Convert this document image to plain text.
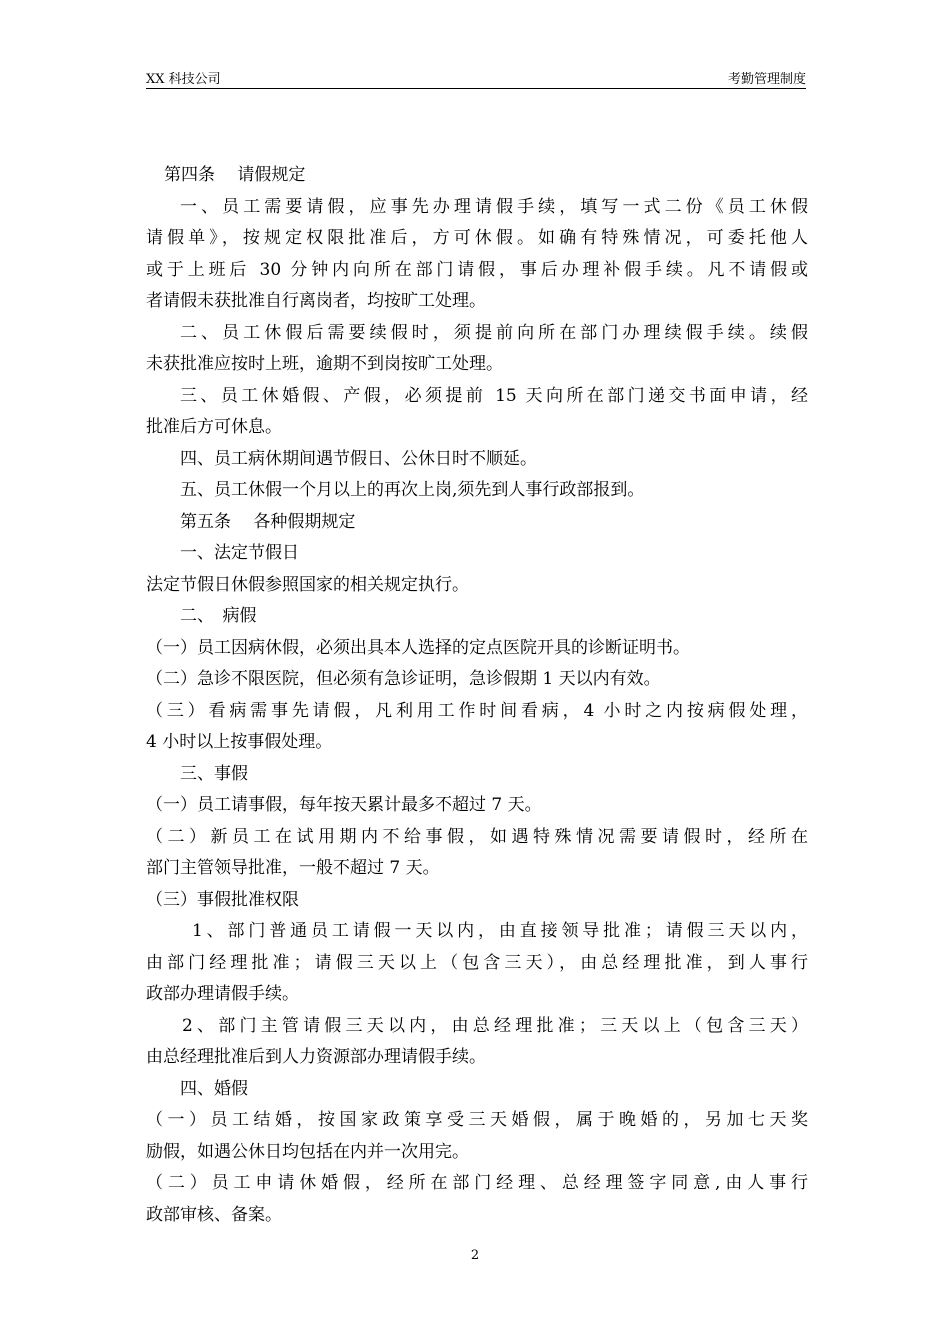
XX 科技公司	考勤管理制度
第四条　 请假规定
一、员工需要请假，应事先办理请假手续，填写一式二份《员工休假
请假单》，按规定权限批准后，方可休假。如确有特殊情况，可委托他人
或于上班后 30 分钟内向所在部门请假，事后办理补假手续。凡不请假或
者请假未获批准自行离岗者，均按旷工处理。
二、员工休假后需要续假时，须提前向所在部门办理续假手续。续假
未获批准应按时上班，逾期不到岗按旷工处理。
三、员工休婚假、产假，必须提前 15 天向所在部门递交书面申请，经
批准后方可休息。
四、员工病休期间遇节假日、公休日时不顺延。
五、员工休假一个月以上的再次上岗,须先到人事行政部报到。
第五条　 各种假期规定
一、法定节假日
法定节假日休假参照国家的相关规定执行。
二、　病假
（一）员工因病休假，必须出具本人选择的定点医院开具的诊断证明书。
（二）急诊不限医院，但必须有急诊证明，急诊假期 1 天以内有效。
（三）看病需事先请假，凡利用工作时间看病，4 小时之内按病假处理，
4 小时以上按事假处理。
三、事假
（一）员工请事假，每年按天累计最多不超过 7 天。
（二）新员工在试用期内不给事假，如遇特殊情况需要请假时，经所在
部门主管领导批准，一般不超过 7 天。
（三）事假批准权限
1、部门普通员工请假一天以内，由直接领导批准；请假三天以内，
由部门经理批准；请假三天以上（包含三天），由总经理批准，到人事行
政部办理请假手续。
2、部门主管请假三天以内，由总经理批准；三天以上（包含三天）
由总经理批准后到人力资源部办理请假手续。
四、婚假
（一）员工结婚，按国家政策享受三天婚假，属于晚婚的，另加七天奖
励假，如遇公休日均包括在内并一次用完。
（二）员工申请休婚假，经所在部门经理、总经理签字同意,由人事行
政部审核、备案。
2
